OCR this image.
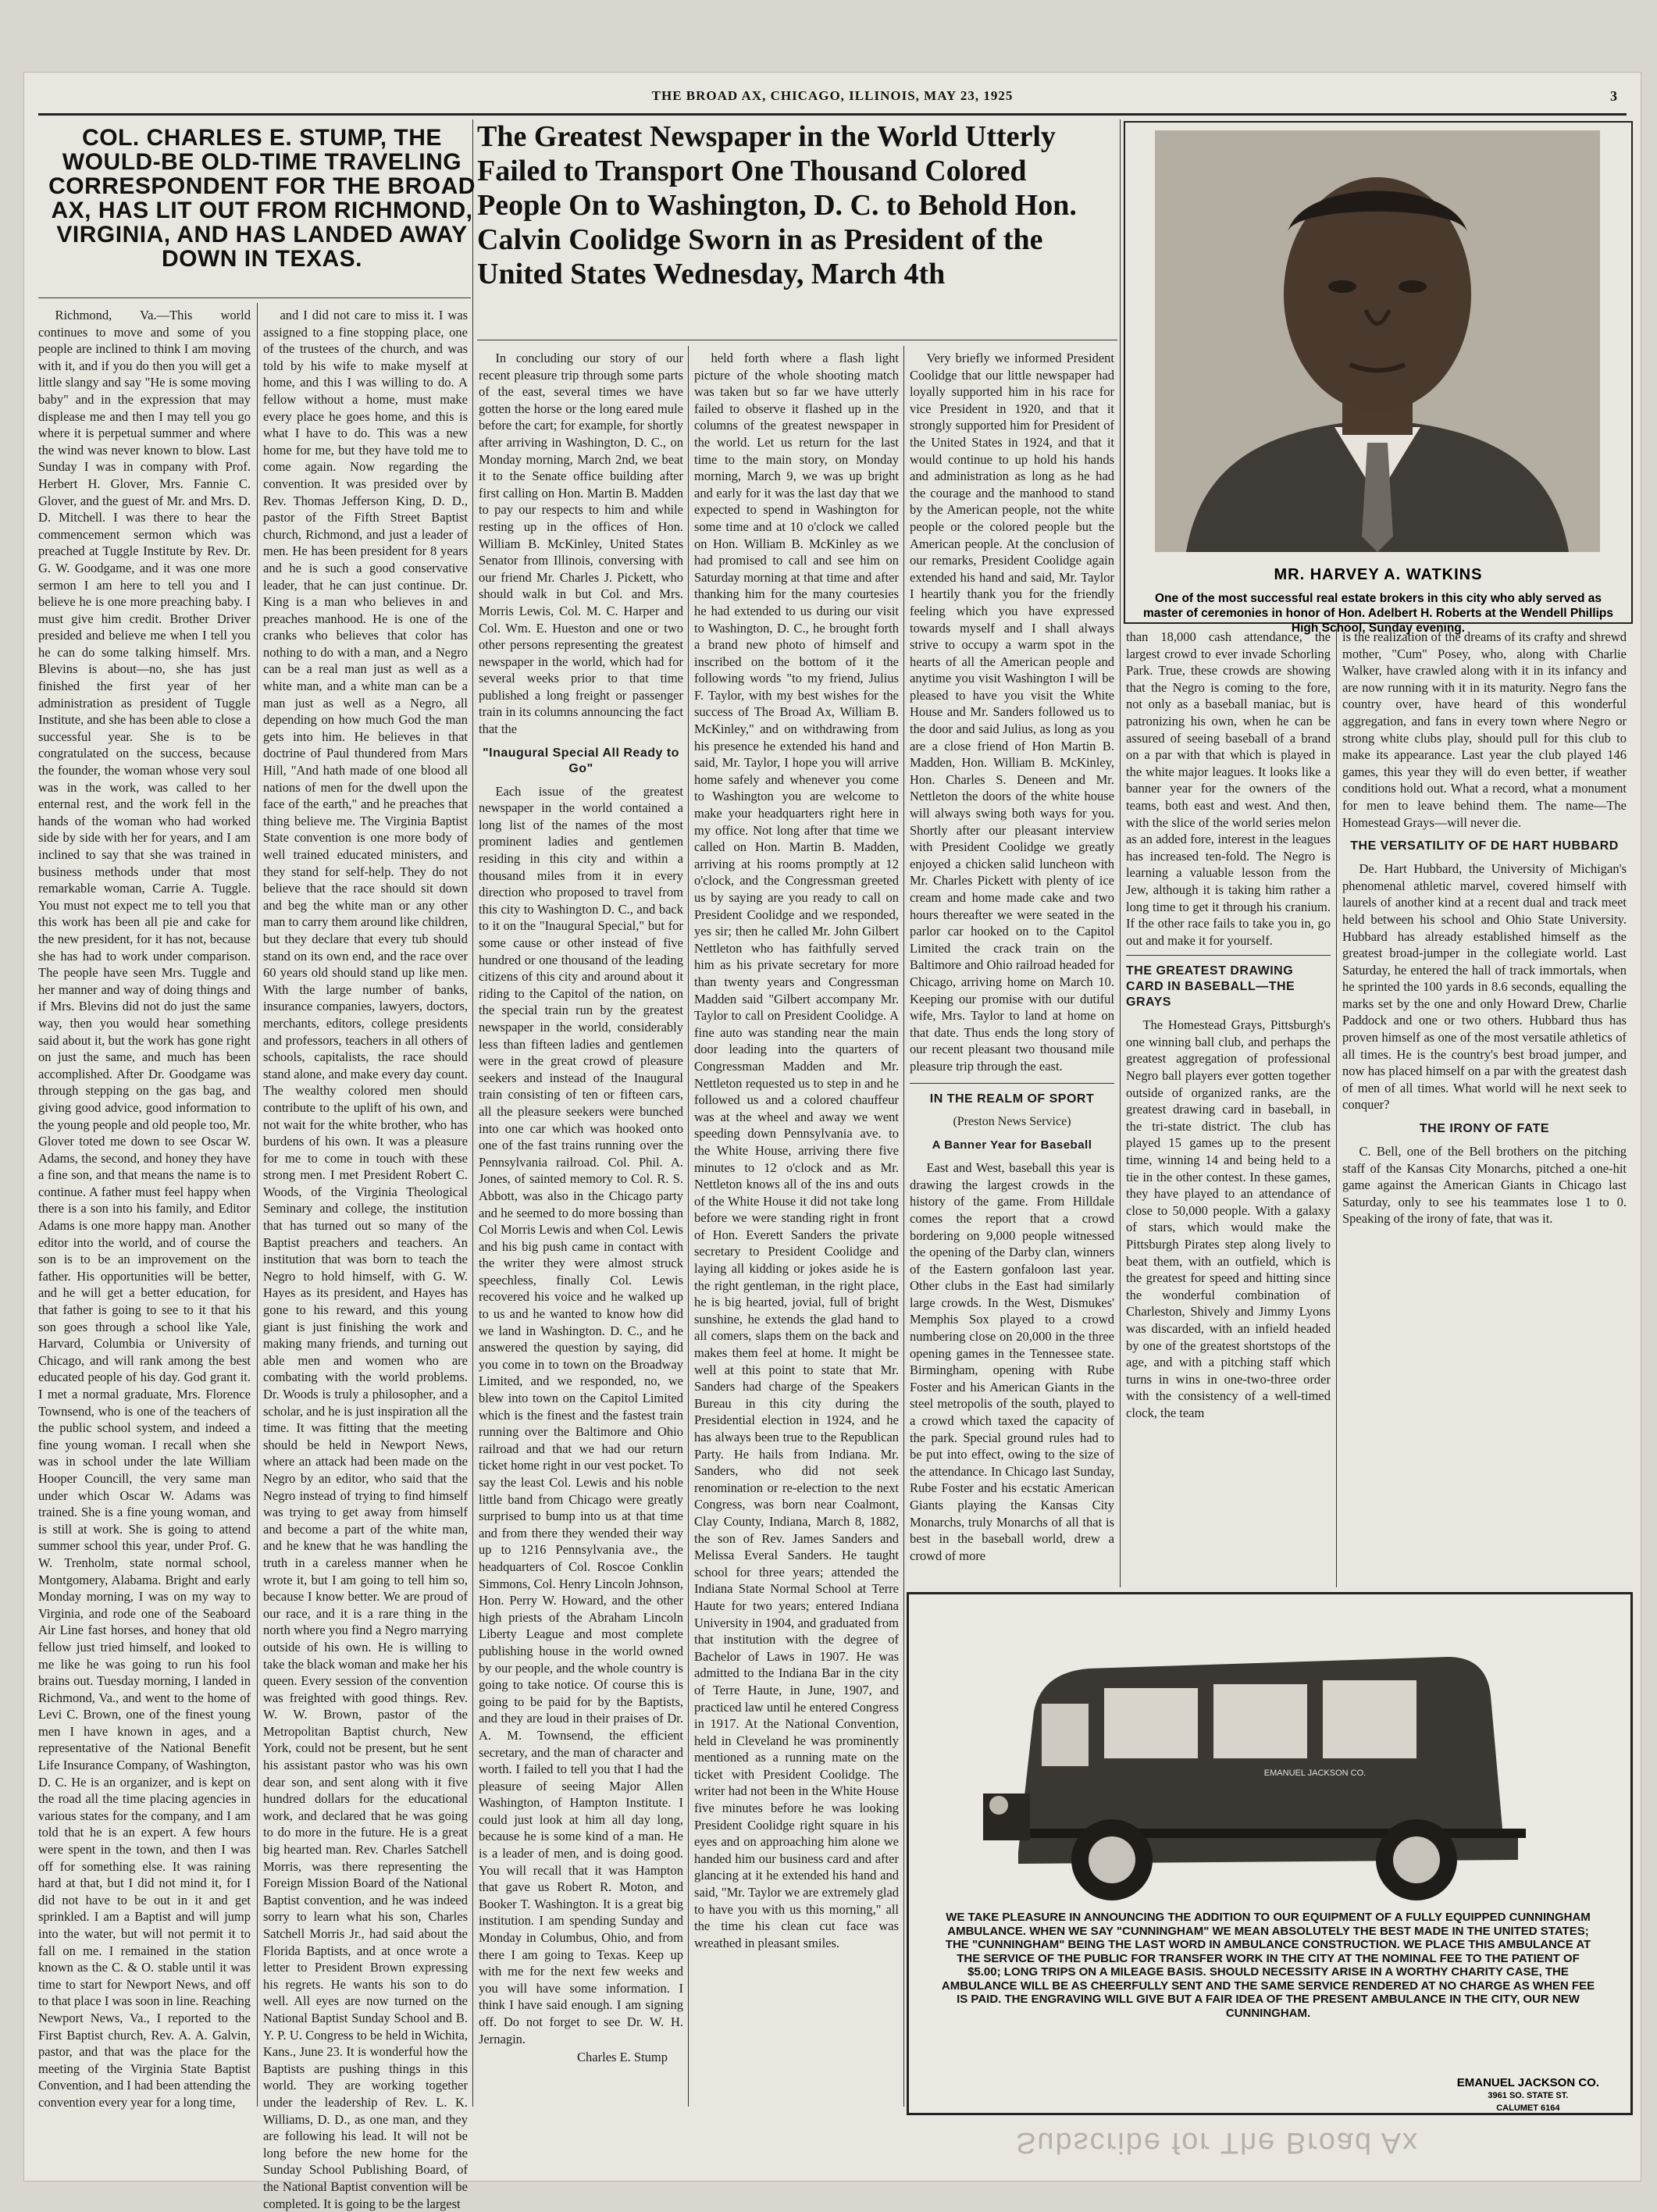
THE BROAD AX, CHICAGO, ILLINOIS, MAY 23, 1925	3
COL. CHARLES E. STUMP, THE WOULD-BE OLD-TIME TRAVELING CORRESPONDENT FOR THE BROAD AX, HAS LIT OUT FROM RICHMOND, VIRGINIA, AND HAS LANDED AWAY DOWN IN TEXAS.
The Greatest Newspaper in the World Utterly Failed to Transport One Thousand Colored People On to Washington, D. C. to Behold Hon. Calvin Coolidge Sworn in as President of the United States Wednesday, March 4th

Richmond, Va.—This world continues to move and some of you people are inclined to think I am moving with it, and if you do then you will get a little slangy and say "He is some moving baby" and in the expression that may displease me and then I may tell you go where it is perpetual summer and where the wind was never known to blow. Last Sunday I was in company with Prof. Herbert H. Glover, Mrs. Fannie C. Glover, and the guest of Mr. and Mrs. D. D. Mitchell. I was there to hear the commencement sermon which was preached at Tuggle Institute by Rev. Dr. G. W. Goodgame, and it was one more sermon I am here to tell you and I believe he is one more preaching baby. I must give him credit. Brother Driver presided and believe me when I tell you he can do some talking himself. Mrs. Blevins is about—no, she has just finished the first year of her administration as president of Tuggle Institute, and she has been able to close a successful year. She is to be congratulated on the success, because the founder, the woman whose very soul was in the work, was called to her enternal rest, and the work fell in the hands of the woman who had worked side by side with her for years, and I am inclined to say that she was trained in business methods under that most remarkable woman, Carrie A. Tuggle. You must not expect me to tell you that this work has been all pie and cake for the new president, for it has not, because she has had to work under comparison. The people have seen Mrs. Tuggle and her manner and way of doing things and if Mrs. Blevins did not do just the same way, then you would hear something said about it, but the work has gone right on just the same, and much has been accomplished. After Dr. Goodgame was through stepping on the gas bag, and giving good advice, good information to the young people and old people too, Mr. Glover toted me down to see Oscar W. Adams, the second, and honey they have a fine son, and that means the name is to continue. A father must feel happy when there is a son into his family, and Editor Adams is one more happy man. Another editor into the world, and of course the son is to be an improvement on the father. His opportunities will be better, and he will get a better education, for that father is going to see to it that his son goes through a school like Yale, Harvard, Columbia or University of Chicago, and will rank among the best educated people of his day. God grant it. I met a normal graduate, Mrs. Florence Townsend, who is one of the teachers of the public school system, and indeed a fine young woman. I recall when she was in school under the late William Hooper Councill, the very same man under which Oscar W. Adams was trained. She is a fine young woman, and is still at work. She is going to attend summer school this year, under Prof. G. W. Trenholm, state normal school, Montgomery, Alabama. Bright and early Monday morning, I was on my way to Virginia, and rode one of the Seaboard Air Line fast horses, and honey that old fellow just tried himself, and looked to me like he was going to run his fool brains out. Tuesday morning, I landed in Richmond, Va., and went to the home of Levi C. Brown, one of the finest young men I have known in ages, and a representative of the National Benefit Life Insurance Company, of Washington, D. C. He is an organizer, and is kept on the road all the time placing agencies in various states for the company, and I am told that he is an expert. A few hours were spent in the town, and then I was off for something else. It was raining hard at that, but I did not mind it, for I did not have to be out in it and get sprinkled. I am a Baptist and will jump into the water, but will not permit it to fall on me. I remained in the station known as the C. & O. stable until it was time to start for Newport News, and off to that place I was soon in line. Reaching Newport News, Va., I reported to the First Baptist church, Rev. A. A. Galvin, pastor, and that was the place for the meeting of the Virginia State Baptist Convention, and I had been attending the convention every year for a long time,

and I did not care to miss it. I was assigned to a fine stopping place, one of the trustees of the church, and was told by his wife to make myself at home, and this I was willing to do. A fellow without a home, must make every place he goes home, and this is what I have to do. This was a new home for me, but they have told me to come again. Now regarding the convention. It was presided over by Rev. Thomas Jefferson King, D. D., pastor of the Fifth Street Baptist church, Richmond, and just a leader of men. He has been president for 8 years and he is such a good conservative leader, that he can just continue. Dr. King is a man who believes in and preaches manhood. He is one of the cranks who believes that color has nothing to do with a man, and a Negro can be a real man just as well as a white man, and a white man can be a man just as well as a Negro, all depending on how much God the man gets into him. He believes in that doctrine of Paul thundered from Mars Hill, "And hath made of one blood all nations of men for the dwell upon the face of the earth," and he preaches that thing believe me. The Virginia Baptist State convention is one more body of well trained educated ministers, and they stand for self-help. They do not believe that the race should sit down and beg the white man or any other man to carry them around like children, but they declare that every tub should stand on its own end, and the race over 60 years old should stand up like men. With the large number of banks, insurance companies, lawyers, doctors, merchants, editors, college presidents and professors, teachers in all others of schools, capitalists, the race should stand alone, and make every day count. The wealthy colored men should contribute to the uplift of his own, and not wait for the white brother, who has burdens of his own. It was a pleasure for me to come in touch with these strong men. I met President Robert C. Woods, of the Virginia Theological Seminary and college, the institution that has turned out so many of the Baptist preachers and teachers. An institution that was born to teach the Negro to hold himself, with G. W. Hayes as its president, and Hayes has gone to his reward, and this young giant is just finishing the work and making many friends, and turning out able men and women who are combating with the world problems. Dr. Woods is truly a philosopher, and a scholar, and he is just inspiration all the time. It was fitting that the meeting should be held in Newport News, where an attack had been made on the Negro by an editor, who said that the Negro instead of trying to find himself was trying to get away from himself and become a part of the white man, and he knew that he was handling the truth in a careless manner when he wrote it, but I am going to tell him so, because I know better. We are proud of our race, and it is a rare thing in the north where you find a Negro marrying outside of his own. He is willing to take the black woman and make her his queen. Every session of the convention was freighted with good things. Rev. W. W. Brown, pastor of the Metropolitan Baptist church, New York, could not be present, but he sent his assistant pastor who was his own dear son, and sent along with it five hundred dollars for the educational work, and declared that he was going to do more in the future. He is a great big hearted man. Rev. Charles Satchell Morris, was there representing the Foreign Mission Board of the National Baptist convention, and he was indeed sorry to learn what his son, Charles Satchell Morris Jr., had said about the Florida Baptists, and at once wrote a letter to President Brown expressing his regrets. He wants his son to do well. All eyes are now turned on the National Baptist Sunday School and B. Y. P. U. Congress to be held in Wichita, Kans., June 23. It is wonderful how the Baptists are pushing things in this world. They are working together under the leadership of Rev. L. K. Williams, D. D., as one man, and they are following his lead. It will not be long before the new home for the Sunday School Publishing Board, of the National Baptist convention will be completed. It is going to be the largest

In concluding our story of our recent pleasure trip through some parts of the east, several times we have gotten the horse or the long eared mule before the cart; for example, for shortly after arriving in Washington, D. C., on Monday morning, March 2nd, we beat it to the Senate office building after first calling on Hon. Martin B. Madden to pay our respects to him and while resting up in the offices of Hon. William B. McKinley, United States Senator from Illinois, conversing with our friend Mr. Charles J. Pickett, who should walk in but Col. and Mrs. Morris Lewis, Col. M. C. Harper and Col. Wm. E. Hueston and one or two other persons representing the greatest newspaper in the world, which had for several weeks prior to that time published a long freight or passenger train in its columns announcing the fact that the

"Inaugural Special All Ready to Go"

Each issue of the greatest newspaper in the world contained a long list of the names of the most prominent ladies and gentlemen residing in this city and within a thousand miles from it in every direction who proposed to travel from this city to Washington D. C., and back to it on the "Inaugural Special," but for some cause or other instead of five hundred or one thousand of the leading citizens of this city and around about it riding to the Capitol of the nation, on the special train run by the greatest newspaper in the world, considerably less than fifteen ladies and gentlemen were in the great crowd of pleasure seekers and instead of the Inaugural train consisting of ten or fifteen cars, all the pleasure seekers were bunched into one car which was hooked onto one of the fast trains running over the Pennsylvania railroad. Col. Phil. A. Jones, of sainted memory to Col. R. S. Abbott, was also in the Chicago party and he seemed to do more bossing than Col Morris Lewis and when Col. Lewis and his big push came in contact with the writer they were almost struck speechless, finally Col. Lewis recovered his voice and he walked up to us and he wanted to know how did we land in Washington. D. C., and he answered the question by saying, did you come in to town on the Broadway Limited, and we responded, no, we blew into town on the Capitol Limited which is the finest and the fastest train running over the Baltimore and Ohio railroad and that we had our return ticket home right in our vest pocket. To say the least Col. Lewis and his noble little band from Chicago were greatly surprised to bump into us at that time and from there they wended their way up to 1216 Pennsylvania ave., the headquarters of Col. Roscoe Conklin Simmons, Col. Henry Lincoln Johnson, Hon. Perry W. Howard, and the other high priests of the Abraham Lincoln Liberty League and most complete publishing house in the world owned by our people, and the whole country is going to take notice. Of course this is going to be paid for by the Baptists, and they are loud in their praises of Dr. A. M. Townsend, the efficient secretary, and the man of character and worth. I failed to tell you that I had the pleasure of seeing Major Allen Washington, of Hampton Institute. I could just look at him all day long, because he is some kind of a man. He is a leader of men, and is doing good. You will recall that it was Hampton that gave us Robert R. Moton, and Booker T. Washington. It is a great big institution. I am spending Sunday and Monday in Columbus, Ohio, and from there I am going to Texas. Keep up with me for the next few weeks and you will have some information. I think I have said enough. I am signing off. Do not forget to see Dr. W. H. Jernagin.

Charles E. Stump

held forth where a flash light picture of the whole shooting match was taken but so far we have utterly failed to observe it flashed up in the columns of the greatest newspaper in the world. Let us return for the last time to the main story, on Monday morning, March 9, we was up bright and early for it was the last day that we expected to spend in Washington for some time and at 10 o'clock we called on Hon. William B. McKinley as we had promised to call and see him on Saturday morning at that time and after thanking him for the many courtesies he had extended to us during our visit to Washington, D. C., he brought forth a brand new photo of himself and inscribed on the bottom of it the following words "to my friend, Julius F. Taylor, with my best wishes for the success of The Broad Ax, William B. McKinley," and on withdrawing from his presence he extended his hand and said, Mr. Taylor, I hope you will arrive home safely and whenever you come to Washington you are welcome to make your headquarters right here in my office. Not long after that time we called on Hon. Martin B. Madden, arriving at his rooms promptly at 12 o'clock, and the Congressman greeted us by saying are you ready to call on President Coolidge and we responded, yes sir; then he called Mr. John Gilbert Nettleton who has faithfully served him as his private secretary for more than twenty years and Congressman Madden said "Gilbert accompany Mr. Taylor to call on President Coolidge. A fine auto was standing near the main door leading into the quarters of Congressman Madden and Mr. Nettleton requested us to step in and he followed us and a colored chauffeur was at the wheel and away we went speeding down Pennsylvania ave. to the White House, arriving there five minutes to 12 o'clock and as Mr. Nettleton knows all of the ins and outs of the White House it did not take long before we were standing right in front of Hon. Everett Sanders the private secretary to President Coolidge and laying all kidding or jokes aside he is the right gentleman, in the right place, he is big hearted, jovial, full of bright sunshine, he extends the glad hand to all comers, slaps them on the back and makes them feel at home. It might be well at this point to state that Mr. Sanders had charge of the Speakers Bureau in this city during the Presidential election in 1924, and he has always been true to the Republican Party. He hails from Indiana. Mr. Sanders, who did not seek renomination or re-election to the next Congress, was born near Coalmont, Clay County, Indiana, March 8, 1882, the son of Rev. James Sanders and Melissa Everal Sanders. He taught school for three years; attended the Indiana State Normal School at Terre Haute for two years; entered Indiana University in 1904, and graduated from that institution with the degree of Bachelor of Laws in 1907. He was admitted to the Indiana Bar in the city of Terre Haute, in June, 1907, and practiced law until he entered Congress in 1917. At the National Convention, held in Cleveland he was prominently mentioned as a running mate on the ticket with President Coolidge. The writer had not been in the White House five minutes before he was looking President Coolidge right square in his eyes and on approaching him alone we handed him our business card and after glancing at it he extended his hand and said, "Mr. Taylor we are extremely glad to have you with us this morning," all the time his clean cut face was wreathed in pleasant smiles.

Very briefly we informed President Coolidge that our little newspaper had loyally supported him in his race for vice President in 1920, and that it strongly supported him for President of the United States in 1924, and that it would continue to up hold his hands and administration as long as he had the courage and the manhood to stand by the American people, not the white people or the colored people but the American people. At the conclusion of our remarks, President Coolidge again extended his hand and said, Mr. Taylor I heartily thank you for the friendly feeling which you have expressed towards myself and I shall always strive to occupy a warm spot in the hearts of all the American people and anytime you visit Washington I will be pleased to have you visit the White House and Mr. Sanders followed us to the door and said Julius, as long as you are a close friend of Hon Martin B. Madden, Hon. William B. McKinley, Hon. Charles S. Deneen and Mr. Nettleton the doors of the white house will always swing both ways for you. Shortly after our pleasant interview with President Coolidge we greatly enjoyed a chicken salid luncheon with Mr. Charles Pickett with plenty of ice cream and home made cake and two hours thereafter we were seated in the parlor car hooked on to the Capitol Limited the crack train on the Baltimore and Ohio railroad headed for Chicago, arriving home on March 10. Keeping our promise with our dutiful wife, Mrs. Taylor to land at home on that date. Thus ends the long story of our recent pleasant two thousand mile pleasure trip through the east.

IN THE REALM OF SPORT
(Preston News Service)
A Banner Year for Baseball

East and West, baseball this year is drawing the largest crowds in the history of the game. From Hilldale comes the report that a crowd bordering on 9,000 people witnessed the opening of the Darby clan, winners of the Eastern gonfaloon last year. Other clubs in the East had similarly large crowds. In the West, Dismukes' Memphis Sox played to a crowd numbering close on 20,000 in the three opening games in the Tennessee state. Birmingham, opening with Rube Foster and his American Giants in the steel metropolis of the south, played to a crowd which taxed the capacity of the park. Special ground rules had to be put into effect, owing to the size of the attendance. In Chicago last Sunday, Rube Foster and his ecstatic American Giants playing the Kansas City Monarchs, truly Monarchs of all that is best in the baseball world, drew a crowd of more

MR. HARVEY A. WATKINS
One of the most successful real estate brokers in this city who ably served as master of ceremonies in honor of Hon. Adelbert H. Roberts at the Wendell Phillips High School, Sunday evening.

than 18,000 cash attendance, the largest crowd to ever invade Schorling Park. True, these crowds are showing that the Negro is coming to the fore, not only as a baseball maniac, but is patronizing his own, when he can be assured of seeing baseball of a brand on a par with that which is played in the white major leagues. It looks like a banner year for the owners of the teams, both east and west. And then, with the slice of the world series melon as an added fore, interest in the leagues has increased ten-fold. The Negro is learning a valuable lesson from the Jew, although it is taking him rather a long time to get it through his cranium. If the other race fails to take you in, go out and make it for yourself.

THE GREATEST DRAWING CARD IN BASEBALL—THE GRAYS

The Homestead Grays, Pittsburgh's one winning ball club, and perhaps the greatest aggregation of professional Negro ball players ever gotten together outside of organized ranks, are the greatest drawing card in baseball, in the tri-state district. The club has played 15 games up to the present time, winning 14 and being held to a tie in the other contest. In these games, they have played to an attendance of close to 50,000 people. With a galaxy of stars, which would make the Pittsburgh Pirates step along lively to beat them, with an outfield, which is the greatest for speed and hitting since the wonderful combination of Charleston, Shively and Jimmy Lyons was discarded, with an infield headed by one of the greatest shortstops of the age, and with a pitching staff which turns in wins in one-two-three order with the consistency of a well-timed clock, the team

is the realization of the dreams of its crafty and shrewd mother, "Cum" Posey, who, along with Charlie Walker, have crawled along with it in its infancy and are now running with it in its maturity. Negro fans the country over, have heard of this wonderful aggregation, and fans in every town where Negro or strong white clubs play, should pull for this club to make its appearance. Last year the club played 146 games, this year they will do even better, if weather conditions hold out. What a record, what a monument for men to leave behind them. The name—The Homestead Grays—will never die.

THE VERSATILITY OF DE HART HUBBARD

De. Hart Hubbard, the University of Michigan's phenomenal athletic marvel, covered himself with laurels of another kind at a recent dual and track meet held between his school and Ohio State University. Hubbard has already established himself as the greatest broad-jumper in the collegiate world. Last Saturday, he entered the hall of track immortals, when he sprinted the 100 yards in 8.6 seconds, equalling the marks set by the one and only Howard Drew, Charlie Paddock and one or two others. Hubbard thus has proven himself as one of the most versatile athletics of all times. He is the country's best broad jumper, and now has placed himself on a par with the greatest dash of men of all times. What world will he next seek to conquer?

THE IRONY OF FATE

C. Bell, one of the Bell brothers on the pitching staff of the Kansas City Monarchs, pitched a one-hit game against the American Giants in Chicago last Saturday, only to see his teammates lose 1 to 0. Speaking of the irony of fate, that was it.

EMANUEL JACKSON CO.
WE TAKE PLEASURE IN ANNOUNCING THE ADDITION TO OUR EQUIPMENT OF A FULLY EQUIPPED CUNNINGHAM AMBULANCE. WHEN WE SAY "CUNNINGHAM" WE MEAN ABSOLUTELY THE BEST MADE IN THE UNITED STATES; THE "CUNNINGHAM" BEING THE LAST WORD IN AMBULANCE CONSTRUCTION. WE PLACE THIS AMBULANCE AT THE SERVICE OF THE PUBLIC FOR TRANSFER WORK IN THE CITY AT THE NOMINAL FEE TO THE PATIENT OF $5.00; LONG TRIPS ON A MILEAGE BASIS. SHOULD NECESSITY ARISE IN A WORTHY CHARITY CASE, THE AMBULANCE WILL BE AS CHEERFULLY SENT AND THE SAME SERVICE RENDERED AT NO CHARGE AS WHEN FEE IS PAID. THE ENGRAVING WILL GIVE BUT A FAIR IDEA OF THE PRESENT AMBULANCE IN THE CITY, OUR NEW CUNNINGHAM.
EMANUEL JACKSON CO.
3961 SO. STATE ST.
CALUMET 6164
Subscribe for The Broad Ax
